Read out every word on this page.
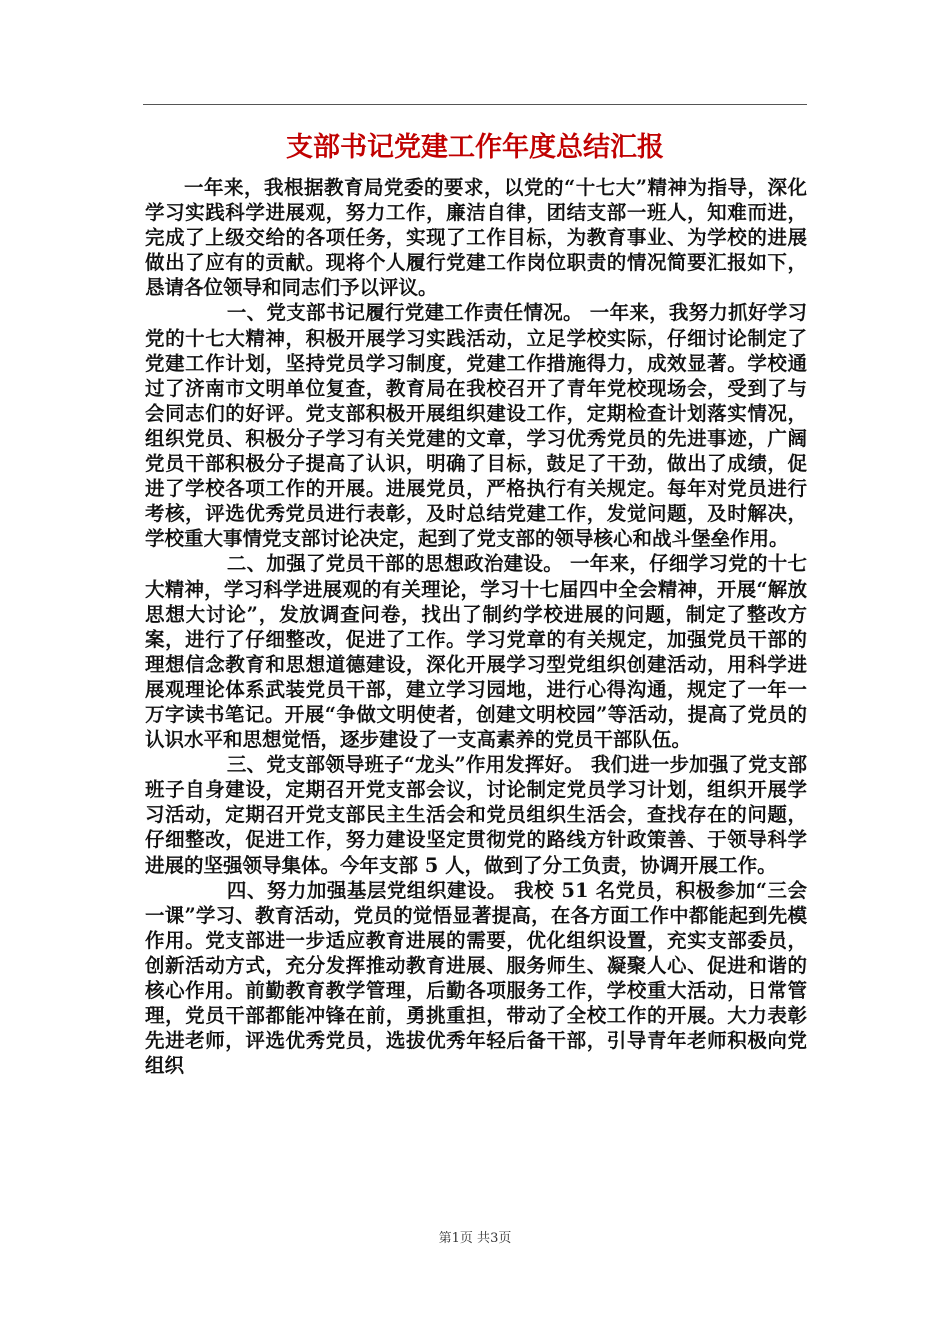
支部书记党建工作年度总结汇报

一年来，我根据教育局党委的要求，以党的“十七大”精神为指导，深化学习实践科学进展观，努力工作，廉洁自律，团结支部一班人，知难而进，完成了上级交给的各项任务，实现了工作目标，为教育事业、为学校的进展做出了应有的贡献。现将个人履行党建工作岗位职责的情况简要汇报如下，恳请各位领导和同志们予以评议。

一、党支部书记履行党建工作责任情况。 一年来，我努力抓好学习党的十七大精神，积极开展学习实践活动，立足学校实际，仔细讨论制定了党建工作计划，坚持党员学习制度，党建工作措施得力，成效显著。学校通过了济南市文明单位复查，教育局在我校召开了青年党校现场会，受到了与会同志们的好评。党支部积极开展组织建设工作，定期检查计划落实情况，组织党员、积极分子学习有关党建的文章，学习优秀党员的先进事迹，广阔党员干部积极分子提高了认识，明确了目标，鼓足了干劲，做出了成绩，促进了学校各项工作的开展。进展党员，严格执行有关规定。每年对党员进行考核，评选优秀党员进行表彰，及时总结党建工作，发觉问题，及时解决，学校重大事情党支部讨论决定，起到了党支部的领导核心和战斗堡垒作用。

二、加强了党员干部的思想政治建设。 一年来，仔细学习党的十七大精神，学习科学进展观的有关理论，学习十七届四中全会精神，开展“解放思想大讨论”，发放调查问卷，找出了制约学校进展的问题，制定了整改方案，进行了仔细整改，促进了工作。学习党章的有关规定，加强党员干部的理想信念教育和思想道德建设，深化开展学习型党组织创建活动，用科学进展观理论体系武装党员干部，建立学习园地，进行心得沟通，规定了一年一万字读书笔记。开展“争做文明使者，创建文明校园”等活动，提高了党员的认识水平和思想觉悟，逐步建设了一支高素养的党员干部队伍。

三、党支部领导班子“龙头”作用发挥好。 我们进一步加强了党支部班子自身建设，定期召开党支部会议，讨论制定党员学习计划，组织开展学习活动，定期召开党支部民主生活会和党员组织生活会，查找存在的问题，仔细整改，促进工作，努力建设坚定贯彻党的路线方针政策善、于领导科学进展的坚强领导集体。今年支部 5 人，做到了分工负责，协调开展工作。

四、努力加强基层党组织建设。 我校 51 名党员，积极参加“三会一课”学习、教育活动，党员的觉悟显著提高，在各方面工作中都能起到先模作用。党支部进一步适应教育进展的需要，优化组织设置，充实支部委员，创新活动方式，充分发挥推动教育进展、服务师生、凝聚人心、促进和谐的核心作用。前勤教育教学管理，后勤各项服务工作，学校重大活动，日常管理，党员干部都能冲锋在前，勇挑重担，带动了全校工作的开展。大力表彰先进老师，评选优秀党员，选拔优秀年轻后备干部，引导青年老师积极向党组织

第1页 共3页
